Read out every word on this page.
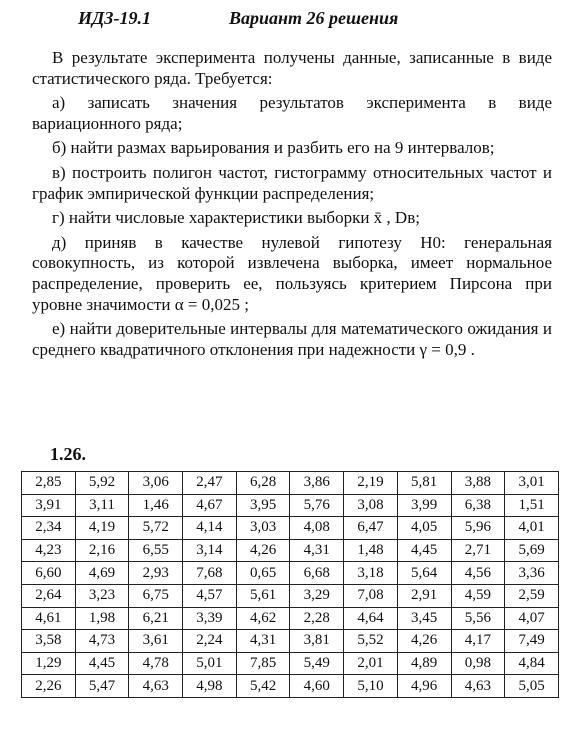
ИДЗ-19.1	Вариант 26 решения

В результате эксперимента получены данные, записанные в виде статистического ряда. Требуется:

а) записать значения результатов эксперимента в виде вариационного ряда;

б) найти размах варьирования и разбить его на 9 интервалов;

в) построить полигон частот, гистограмму относительных частот и график эмпирической функции распределения;

г) найти числовые характеристики выборки x̄ , Dв;

д) приняв в качестве нулевой гипотезу H0: генеральная совокупность, из которой извлечена выборка, имеет нормальное распределение, проверить ее, пользуясь критерием Пирсона при уровне значимости α = 0,025 ;

е) найти доверительные интервалы для математического ожидания и среднего квадратичного отклонения при надежности γ = 0,9 .

1.26.
2,85	5,92	3,06	2,47	6,28	3,86	2,19	5,81	3,88	3,01
3,91	3,11	1,46	4,67	3,95	5,76	3,08	3,99	6,38	1,51
2,34	4,19	5,72	4,14	3,03	4,08	6,47	4,05	5,96	4,01
4,23	2,16	6,55	3,14	4,26	4,31	1,48	4,45	2,71	5,69
6,60	4,69	2,93	7,68	0,65	6,68	3,18	5,64	4,56	3,36
2,64	3,23	6,75	4,57	5,61	3,29	7,08	2,91	4,59	2,59
4,61	1,98	6,21	3,39	4,62	2,28	4,64	3,45	5,56	4,07
3,58	4,73	3,61	2,24	4,31	3,81	5,52	4,26	4,17	7,49
1,29	4,45	4,78	5,01	7,85	5,49	2,01	4,89	0,98	4,84
2,26	5,47	4,63	4,98	5,42	4,60	5,10	4,96	4,63	5,05
